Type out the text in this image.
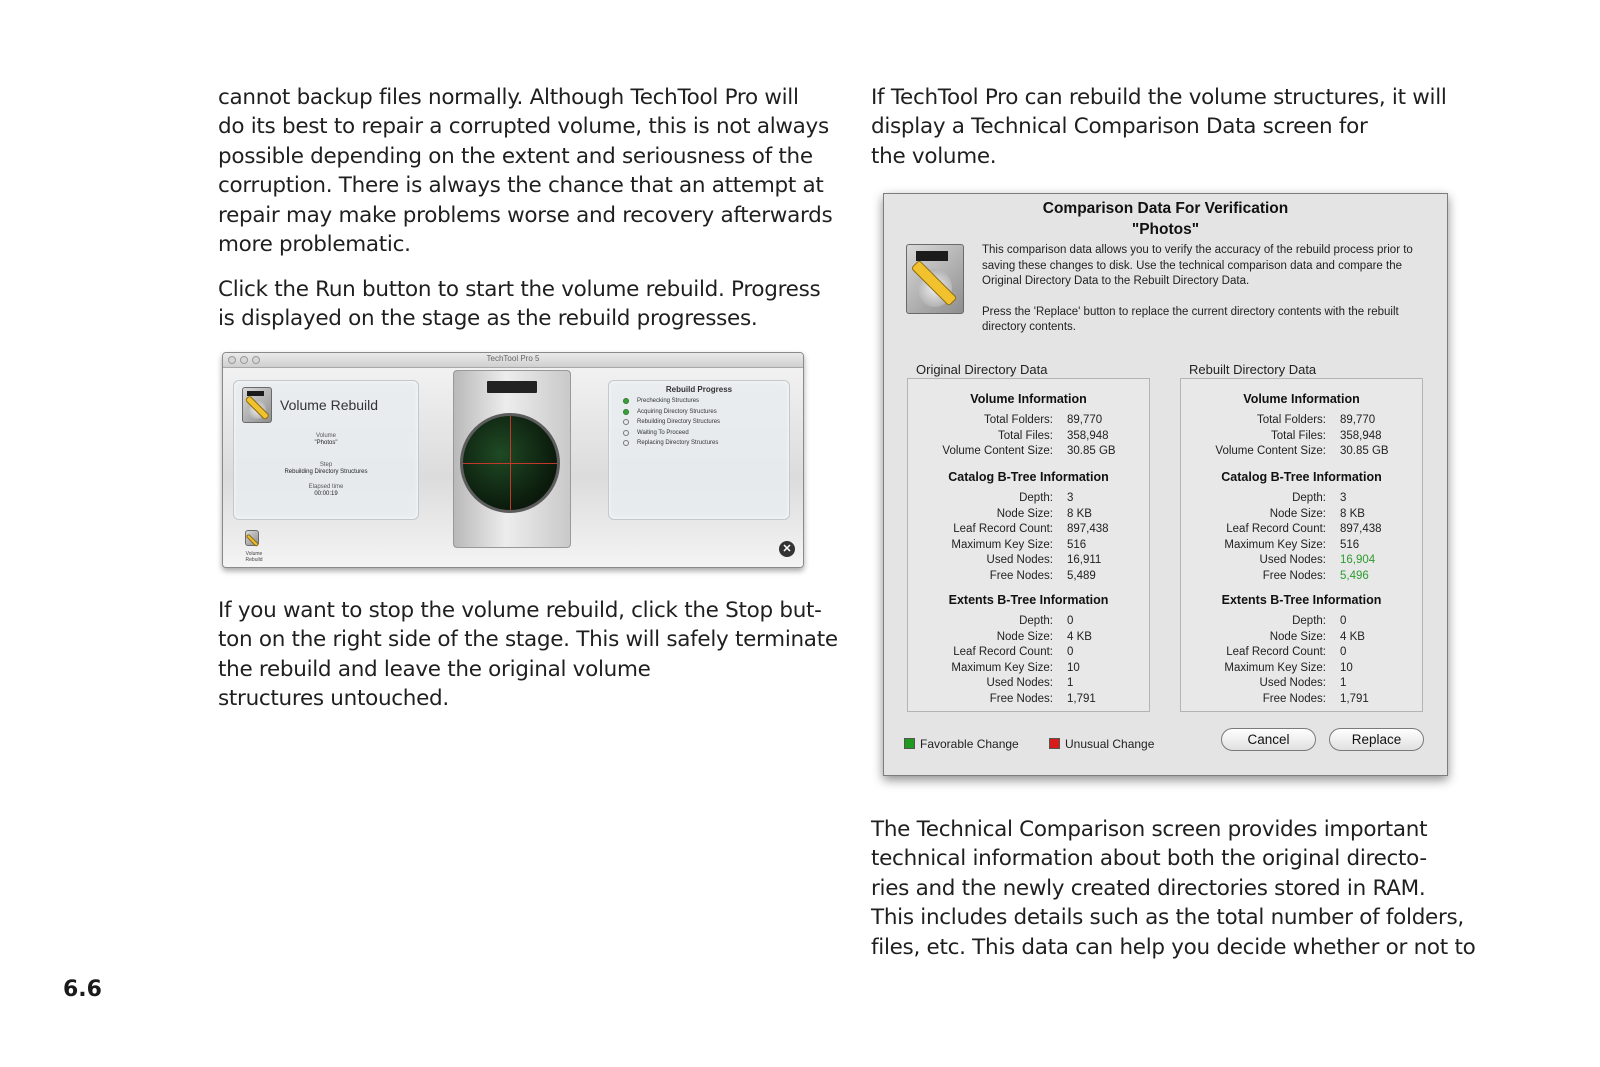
cannot backup files normally. Although TechTool Pro will
do its best to repair a corrupted volume, this is not always
possible depending on the extent and seriousness of the
corruption. There is always the chance that an attempt at
repair may make problems worse and recovery afterwards
more problematic.
Click the Run button to start the volume rebuild. Progress
is displayed on the stage as the rebuild progresses.
TechTool Pro 5
Volume Rebuild
Volume
"Photos"
Step
Rebuilding Directory Structures
Elapsed time
00:00:19
Rebuild Progress
Prechecking Structures
Acquiring Directory Structures
Rebuilding Directory Structures
Waiting To Proceed
Replacing Directory Structures
Volume Rebuild
✕
If you want to stop the volume rebuild, click the Stop but-
ton on the right side of the stage. This will safely terminate
the rebuild and leave the original volume
structures untouched.
6.6
If TechTool Pro can rebuild the volume structures, it will
display a Technical Comparison Data screen for
the volume.
Comparison Data For Verification
"Photos"

This comparison data allows you to verify the accuracy of the rebuild process prior to saving these changes to disk. Use the technical comparison data and compare the Original Directory Data to the Rebuilt Directory Data.

Press the 'Replace' button to replace the current directory contents with the rebuilt directory contents.

Original Directory Data	Rebuilt Directory Data
Volume Information
Total Folders: 89,770
Total Files: 358,948
Volume Content Size: 30.85 GB
Catalog B-Tree Information
Depth: 3
Node Size: 8 KB
Leaf Record Count: 897,438
Maximum Key Size: 516
Used Nodes: 16,911
Free Nodes: 5,489
Extents B-Tree Information
Depth: 0
Node Size: 4 KB
Leaf Record Count: 0
Maximum Key Size: 10
Used Nodes: 1
Free Nodes: 1,791
Volume Information
Total Folders: 89,770
Total Files: 358,948
Volume Content Size: 30.85 GB
Catalog B-Tree Information
Depth: 3
Node Size: 8 KB
Leaf Record Count: 897,438
Maximum Key Size: 516
Used Nodes: 16,904
Free Nodes: 5,496
Extents B-Tree Information
Depth: 0
Node Size: 4 KB
Leaf Record Count: 0
Maximum Key Size: 10
Used Nodes: 1
Free Nodes: 1,791
Favorable Change	Unusual Change	Cancel	Replace
The Technical Comparison screen provides important
technical information about both the original directo-
ries and the newly created directories stored in RAM.
This includes details such as the total number of folders,
files, etc. This data can help you decide whether or not to
